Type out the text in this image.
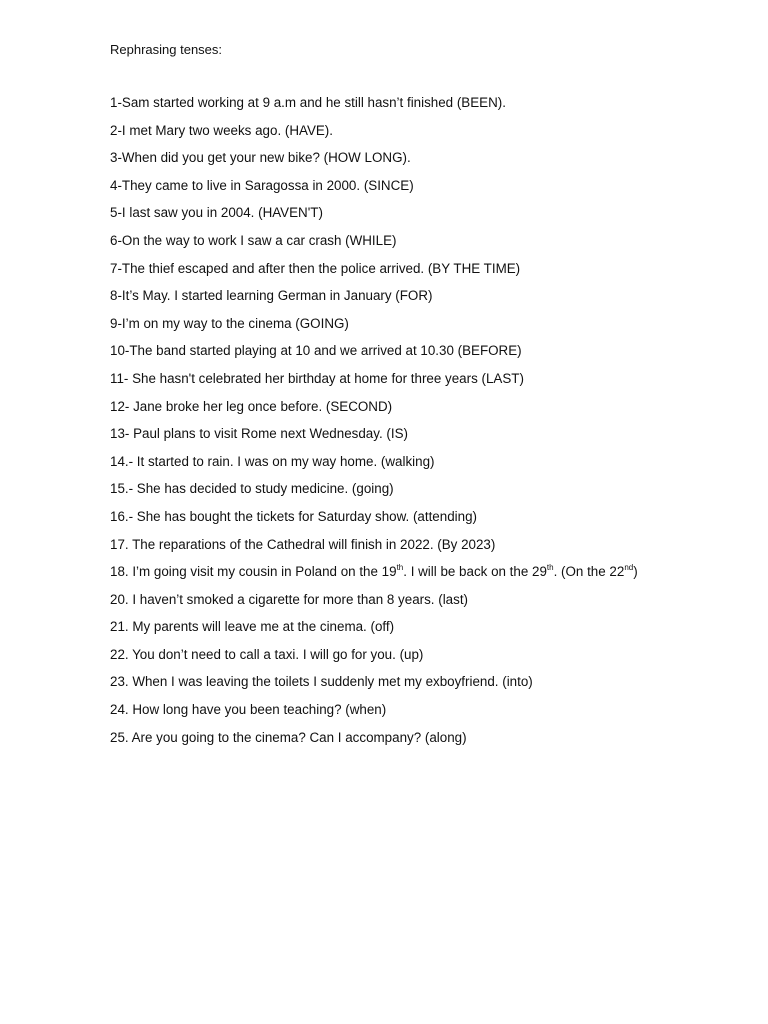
Rephrasing tenses:
1-Sam started working at 9 a.m and he still hasn’t finished (BEEN).
2-I met Mary two weeks ago. (HAVE).
3-When did you get your new bike? (HOW LONG).
4-They came to live in Saragossa in 2000. (SINCE)
5-I last saw you in 2004. (HAVEN'T)
6-On the way to work I saw a car crash (WHILE)
7-The thief escaped and after then the police arrived. (BY THE TIME)
8-It’s May. I started learning German in January (FOR)
9-I’m on my way to the cinema (GOING)
10-The band started playing at 10 and we arrived at 10.30 (BEFORE)
11- She hasn't celebrated her birthday at home for three years (LAST)
12- Jane broke her leg once before. (SECOND)
13- Paul plans to visit Rome next Wednesday. (IS)
14.- It started to rain. I was on my way home. (walking)
15.- She has decided to study medicine. (going)
16.- She has bought the tickets for Saturday show. (attending)
17. The reparations of the Cathedral will finish in 2022. (By 2023)
18. I’m going visit my cousin in Poland on the 19th. I will be back on the 29th. (On the 22nd)
20. I haven’t smoked a cigarette for more than 8 years. (last)
21. My parents will leave me at the cinema. (off)
22. You don’t need to call a taxi. I will go for you. (up)
23. When I was leaving the toilets I suddenly met my exboyfriend. (into)
24. How long have you been teaching? (when)
25. Are you going to the cinema? Can I accompany? (along)
